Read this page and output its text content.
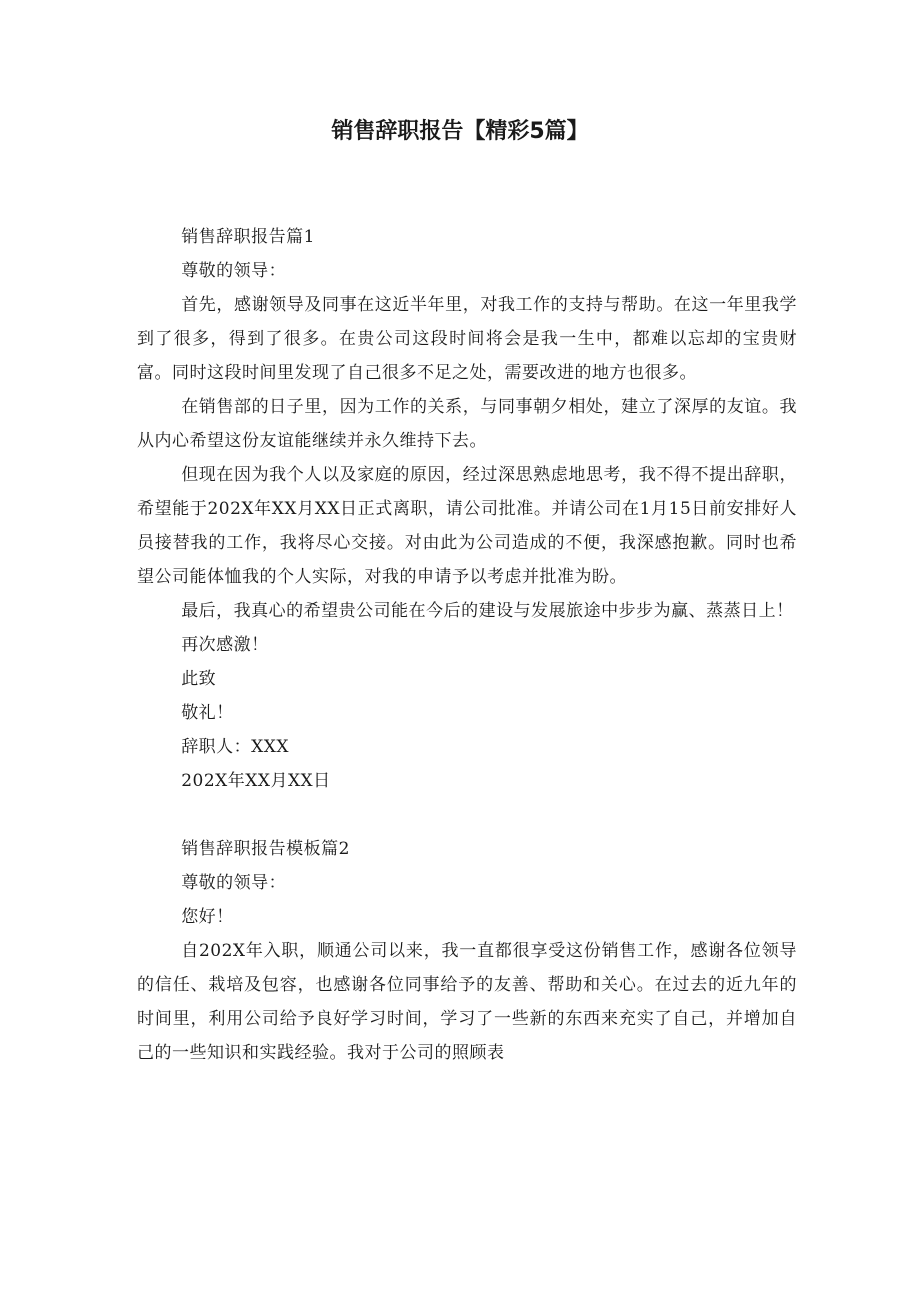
销售辞职报告【精彩5篇】

销售辞职报告篇1

尊敬的领导：

首先，感谢领导及同事在这近半年里，对我工作的支持与帮助。在这一年里我学到了很多，得到了很多。在贵公司这段时间将会是我一生中，都难以忘却的宝贵财富。同时这段时间里发现了自己很多不足之处，需要改进的地方也很多。

在销售部的日子里，因为工作的关系，与同事朝夕相处，建立了深厚的友谊。我从内心希望这份友谊能继续并永久维持下去。

但现在因为我个人以及家庭的原因，经过深思熟虑地思考，我不得不提出辞职，希望能于202X年XX月XX日正式离职，请公司批准。并请公司在1月15日前安排好人员接替我的工作，我将尽心交接。对由此为公司造成的不便，我深感抱歉。同时也希望公司能体恤我的个人实际，对我的申请予以考虑并批准为盼。

最后，我真心的希望贵公司能在今后的建设与发展旅途中步步为赢、蒸蒸日上！

再次感激！

此致

敬礼！

辞职人：XXX

202X年XX月XX日

销售辞职报告模板篇2

尊敬的领导：

您好！

自202X年入职，顺通公司以来，我一直都很享受这份销售工作，感谢各位领导的信任、栽培及包容，也感谢各位同事给予的友善、帮助和关心。在过去的近九年的时间里，利用公司给予良好学习时间，学习了一些新的东西来充实了自己，并增加自己的一些知识和实践经验。我对于公司的照顾表
